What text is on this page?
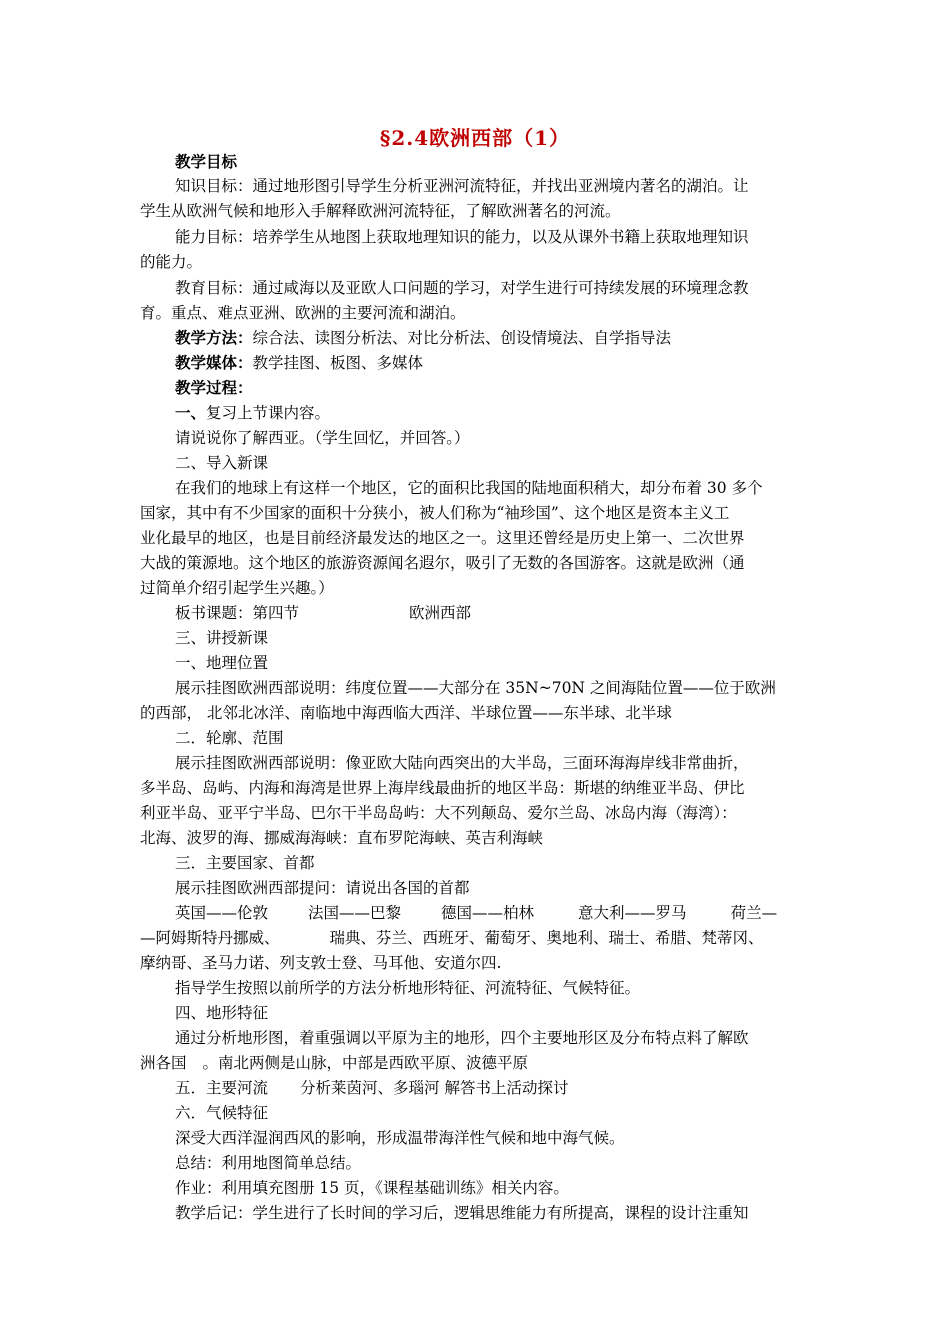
§2.4欧洲西部（1）
教学目标
知识目标：通过地形图引导学生分析亚洲河流特征，并找出亚洲境内著名的湖泊。让
学生从欧洲气候和地形入手解释欧洲河流特征，了解欧洲著名的河流。
能力目标：培养学生从地图上获取地理知识的能力，以及从课外书籍上获取地理知识
的能力。
教育目标：通过咸海以及亚欧人口问题的学习，对学生进行可持续发展的环境理念教
育。重点、难点亚洲、欧洲的主要河流和湖泊。
教学方法：综合法、读图分析法、对比分析法、创设情境法、自学指导法
教学媒体：教学挂图、板图、多媒体
教学过程：
一、复习上节课内容。
请说说你了解西亚。（学生回忆，并回答。）
二、导入新课
在我们的地球上有这样一个地区，它的面积比我国的陆地面积稍大，却分布着 30 多个
国家，其中有不少国家的面积十分狭小，被人们称为“袖珍国”、这个地区是资本主义工
业化最早的地区，也是目前经济最发达的地区之一。这里还曾经是历史上第一、二次世界
大战的策源地。这个地区的旅游资源闻名遐尔，吸引了无数的各国游客。这就是欧洲（通
过简单介绍引起学生兴趣。）
板书课题：第四节	欧洲西部
三、讲授新课
一、地理位置
展示挂图欧洲西部说明：纬度位置——大部分在 35N~70N 之间海陆位置——位于欧洲
的西部， 北邻北冰洋、南临地中海西临大西洋、半球位置——东半球、北半球
二．轮廓、范围
展示挂图欧洲西部说明：像亚欧大陆向西突出的大半岛，三面环海海岸线非常曲折，
多半岛、岛屿、内海和海湾是世界上海岸线最曲折的地区半岛：斯堪的纳维亚半岛、伊比
利亚半岛、亚平宁半岛、巴尔干半岛岛屿：大不列颠岛、爱尔兰岛、冰岛内海（海湾）：
北海、波罗的海、挪威海海峡：直布罗陀海峡、英吉利海峡
三．主要国家、首都
展示挂图欧洲西部提问：请说出各国的首都
英国——伦敦	法国——巴黎	德国——柏林	意大利——罗马	荷兰—
—阿姆斯特丹挪威、	瑞典、芬兰、西班牙、葡萄牙、奥地利、瑞士、希腊、梵蒂冈、
摩纳哥、圣马力诺、列支敦士登、马耳他、安道尔四.
指导学生按照以前所学的方法分析地形特征、河流特征、气候特征。
四、地形特征
通过分析地形图，着重强调以平原为主的地形，四个主要地形区及分布特点料了解欧
洲各国 。南北两侧是山脉，中部是西欧平原、波德平原
五．主要河流 分析莱茵河、多瑙河 解答书上活动探讨
六．气候特征
深受大西洋湿润西风的影响，形成温带海洋性气候和地中海气候。
总结：利用地图简单总结。
作业：利用填充图册 15 页，《课程基础训练》相关内容。
教学后记：学生进行了长时间的学习后，逻辑思维能力有所提高，课程的设计注重知
